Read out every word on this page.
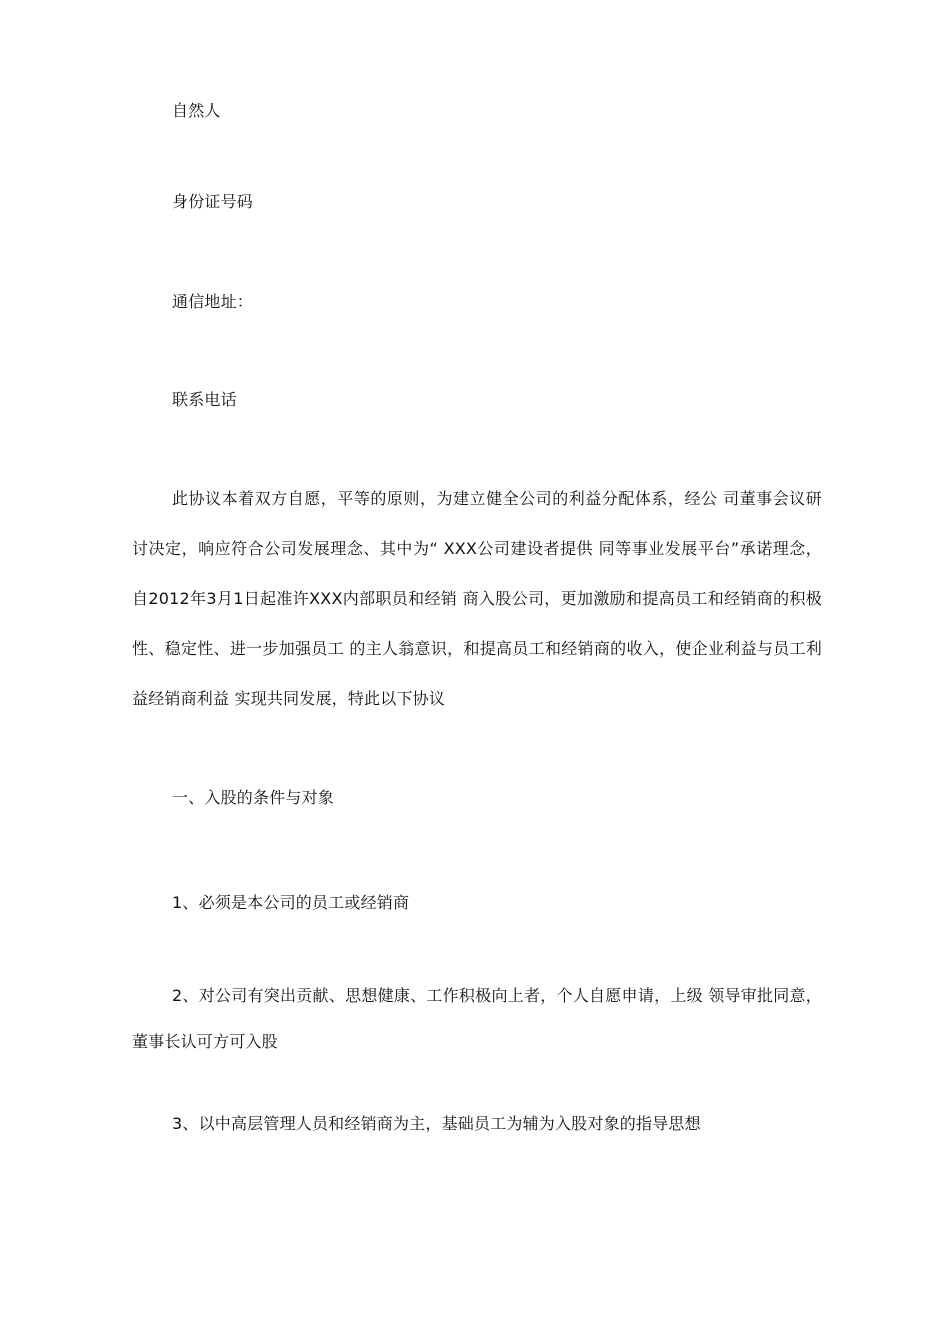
自然人
身份证号码
通信地址：
联系电话
此协议本着双方自愿，平等的原则，为建立健全公司的利益分配体系，经公 司董事会议研讨决定，响应符合公司发展理念、其中为“ XXX公司建设者提供 同等事业发展平台”承诺理念，自2012年3月1日起准许XXX内部职员和经销 商入股公司，更加激励和提高员工和经销商的积极性、稳定性、进一步加强员工 的主人翁意识，和提高员工和经销商的收入，使企业利益与员工利益经销商利益 实现共同发展，特此以下协议
一、入股的条件与对象
1、必须是本公司的员工或经销商
2、对公司有突出贡献、思想健康、工作积极向上者，个人自愿申请，上级 领导审批同意，董事长认可方可入股
3、以中高层管理人员和经销商为主，基础员工为辅为入股对象的指导思想
